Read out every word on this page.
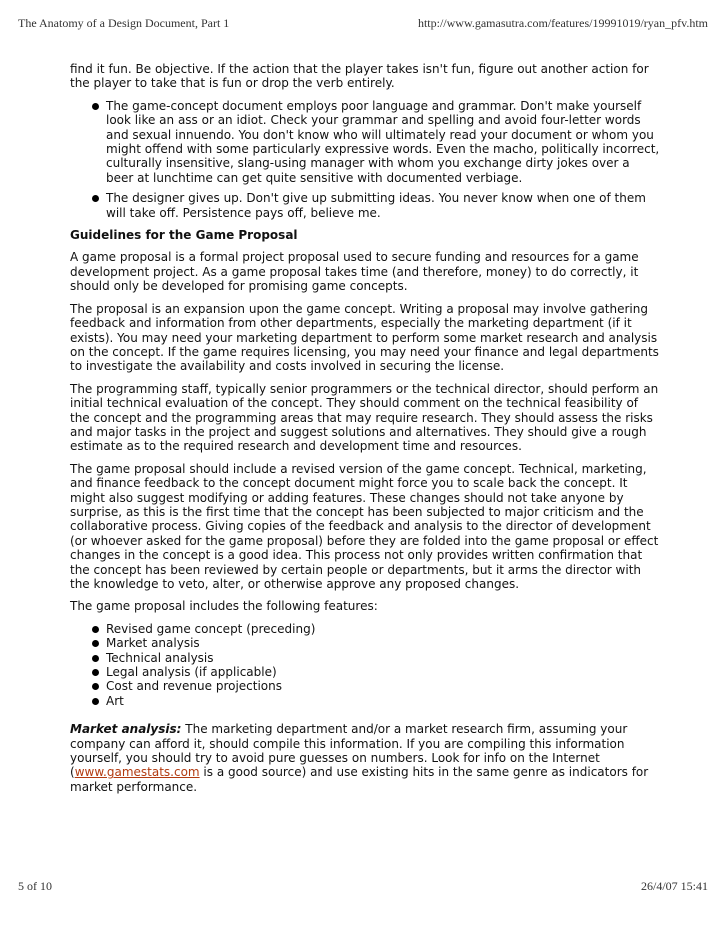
The Anatomy of a Design Document, Part 1	http://www.gamasutra.com/features/19991019/ryan_pfv.htm

find it fun. Be objective. If the action that the player takes isn't fun, figure out another action for the player to take that is fun or drop the verb entirely.

The game-concept document employs poor language and grammar. Don't make yourself look like an ass or an idiot. Check your grammar and spelling and avoid four-letter words and sexual innuendo. You don't know who will ultimately read your document or whom you might offend with some particularly expressive words. Even the macho, politically incorrect, culturally insensitive, slang-using manager with whom you exchange dirty jokes over a beer at lunchtime can get quite sensitive with documented verbiage.
The designer gives up. Don't give up submitting ideas. You never know when one of them will take off. Persistence pays off, believe me.
Guidelines for the Game Proposal

A game proposal is a formal project proposal used to secure funding and resources for a game development project. As a game proposal takes time (and therefore, money) to do correctly, it should only be developed for promising game concepts.

The proposal is an expansion upon the game concept. Writing a proposal may involve gathering feedback and information from other departments, especially the marketing department (if it exists). You may need your marketing department to perform some market research and analysis on the concept. If the game requires licensing, you may need your finance and legal departments to investigate the availability and costs involved in securing the license.

The programming staff, typically senior programmers or the technical director, should perform an initial technical evaluation of the concept. They should comment on the technical feasibility of the concept and the programming areas that may require research. They should assess the risks and major tasks in the project and suggest solutions and alternatives. They should give a rough estimate as to the required research and development time and resources.

The game proposal should include a revised version of the game concept. Technical, marketing, and finance feedback to the concept document might force you to scale back the concept. It might also suggest modifying or adding features. These changes should not take anyone by surprise, as this is the first time that the concept has been subjected to major criticism and the collaborative process. Giving copies of the feedback and analysis to the director of development (or whoever asked for the game proposal) before they are folded into the game proposal or effect changes in the concept is a good idea. This process not only provides written confirmation that the concept has been reviewed by certain people or departments, but it arms the director with the knowledge to veto, alter, or otherwise approve any proposed changes.

The game proposal includes the following features:

Revised game concept (preceding)
Market analysis
Technical analysis
Legal analysis (if applicable)
Cost and revenue projections
Art

Market analysis: The marketing department and/or a market research firm, assuming your company can afford it, should compile this information. If you are compiling this information yourself, you should try to avoid pure guesses on numbers. Look for info on the Internet (www.gamestats.com is a good source) and use existing hits in the same genre as indicators for market performance.

5 of 10	26/4/07 15:41
